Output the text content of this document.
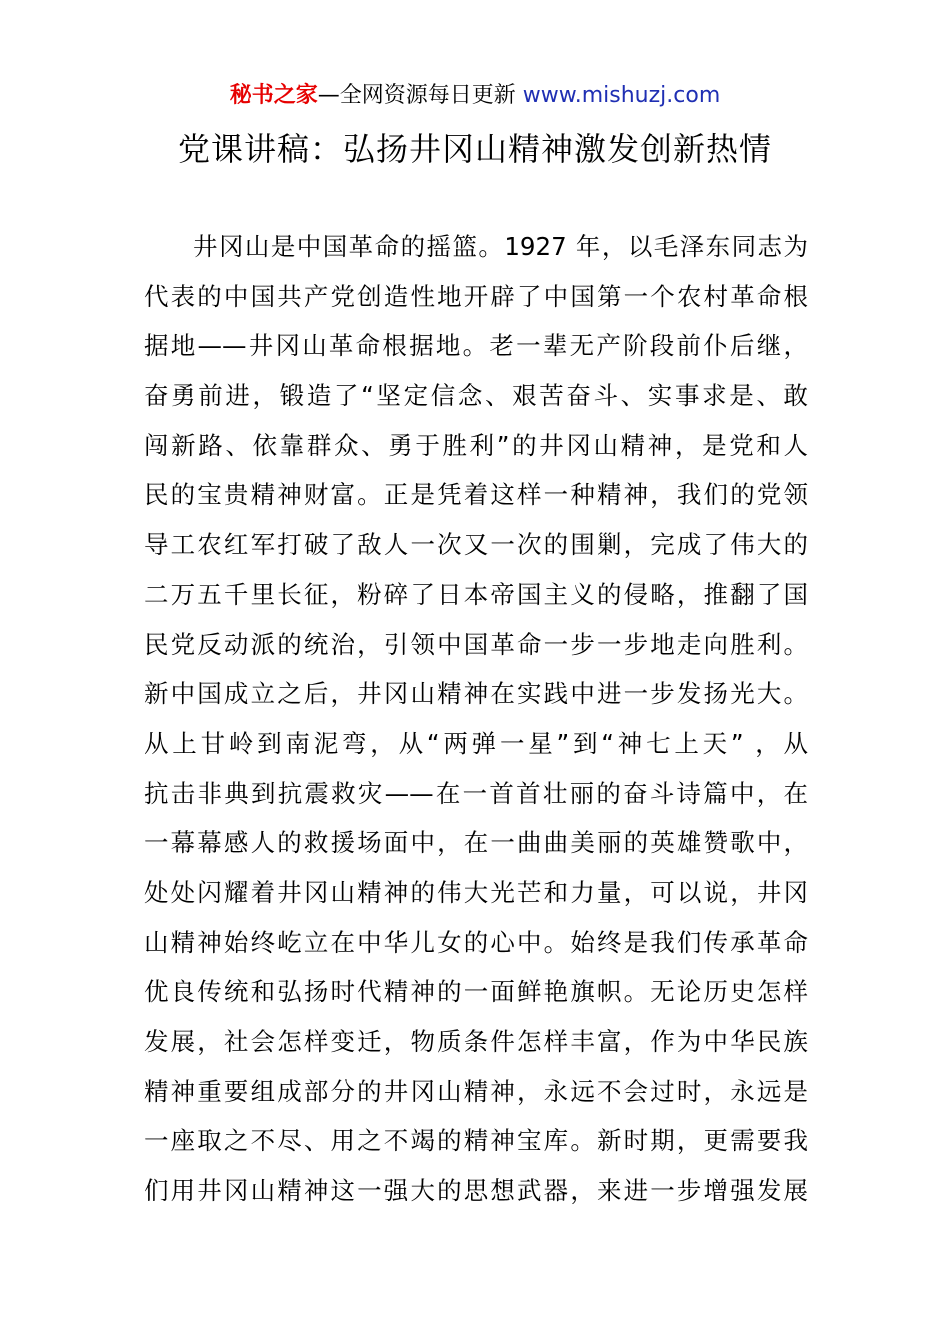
秘书之家—全网资源每日更新 www.mishuzj.com
党课讲稿：弘扬井冈山精神激发创新热情
井冈山是中国革命的摇篮。1927 年，以毛泽东同志为
代表的中国共产党创造性地开辟了中国第一个农村革命根
据地——井冈山革命根据地。老一辈无产阶段前仆后继，
奋勇前进，锻造了“坚定信念、艰苦奋斗、实事求是、敢
闯新路、依靠群众、勇于胜利”的井冈山精神，是党和人
民的宝贵精神财富。正是凭着这样一种精神，我们的党领
导工农红军打破了敌人一次又一次的围剿，完成了伟大的
二万五千里长征，粉碎了日本帝国主义的侵略，推翻了国
民党反动派的统治，引领中国革命一步一步地走向胜利。
新中国成立之后，井冈山精神在实践中进一步发扬光大。
从上甘岭到南泥弯，从“两弹一星”到“神七上天” ，从
抗击非典到抗震救灾——在一首首壮丽的奋斗诗篇中，在
一幕幕感人的救援场面中，在一曲曲美丽的英雄赞歌中，
处处闪耀着井冈山精神的伟大光芒和力量，可以说，井冈
山精神始终屹立在中华儿女的心中。始终是我们传承革命
优良传统和弘扬时代精神的一面鲜艳旗帜。无论历史怎样
发展，社会怎样变迁，物质条件怎样丰富，作为中华民族
精神重要组成部分的井冈山精神，永远不会过时，永远是
一座取之不尽、用之不竭的精神宝库。新时期，更需要我
们用井冈山精神这一强大的思想武器，来进一步增强发展
